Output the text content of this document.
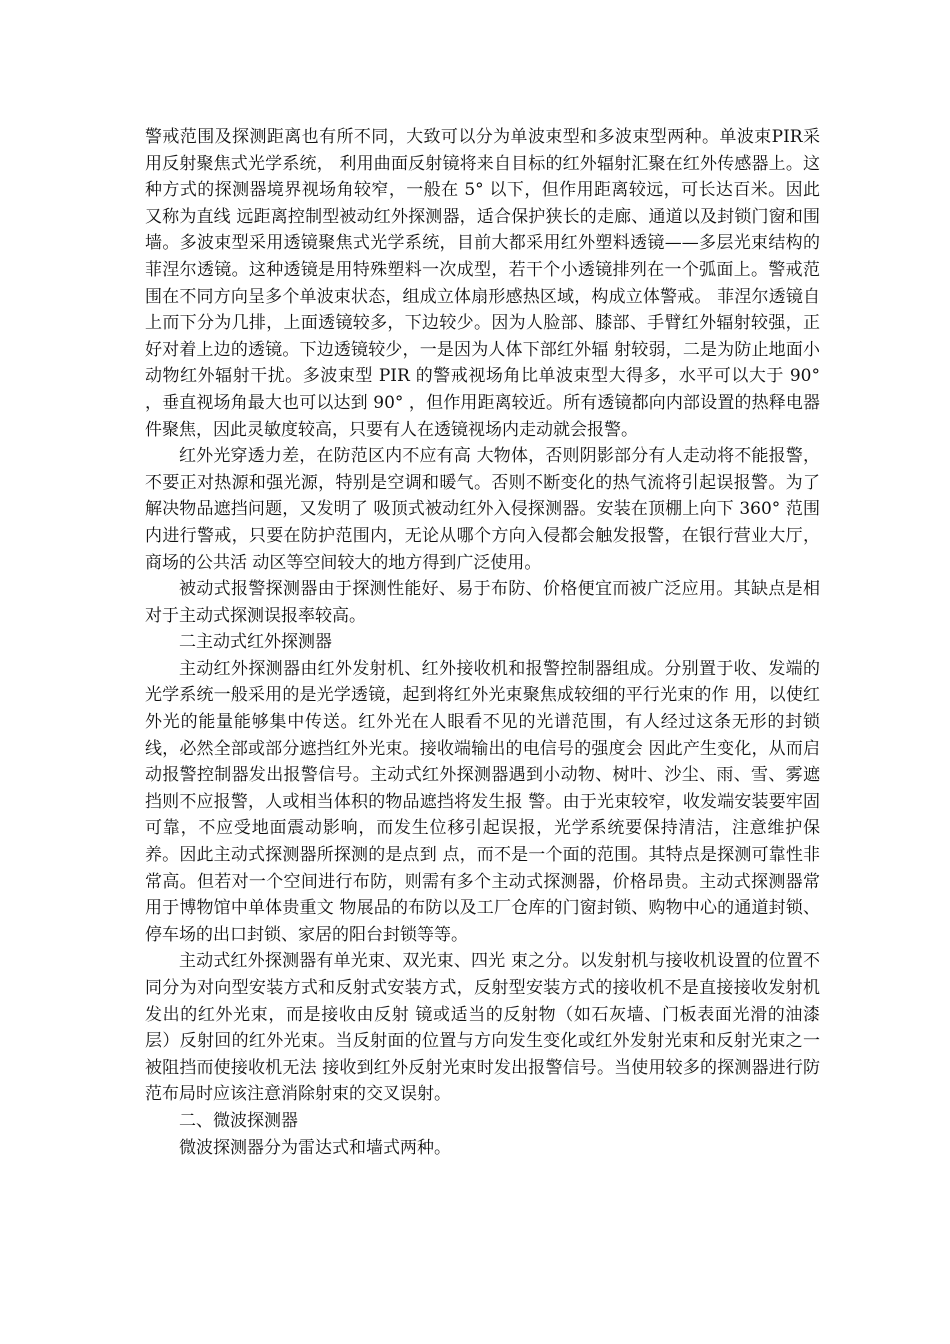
警戒范围及探测距离也有所不同，大致可以分为单波束型和多波束型两种。单波束PIR采用反射聚焦式光学系统， 利用曲面反射镜将来自目标的红外辐射汇聚在红外传感器上。这种方式的探测器境界视场角较窄，一般在 5° 以下，但作用距离较远，可长达百米。因此又称为直线 远距离控制型被动红外探测器，适合保护狭长的走廊、通道以及封锁门窗和围墙。多波束型采用透镜聚焦式光学系统，目前大都采用红外塑料透镜——多层光束结构的 菲涅尔透镜。这种透镜是用特殊塑料一次成型，若干个小透镜排列在一个弧面上。警戒范围在不同方向呈多个单波束状态，组成立体扇形感热区域，构成立体警戒。 菲涅尔透镜自上而下分为几排，上面透镜较多，下边较少。因为人脸部、膝部、手臂红外辐射较强，正好对着上边的透镜。下边透镜较少，一是因为人体下部红外辐 射较弱，二是为防止地面小动物红外辐射干扰。多波束型 PIR 的警戒视场角比单波束型大得多，水平可以大于 90° ，垂直视场角最大也可以达到 90° ，但作用距离较近。所有透镜都向内部设置的热释电器件聚焦，因此灵敏度较高，只要有人在透镜视场内走动就会报警。

红外光穿透力差，在防范区内不应有高 大物体，否则阴影部分有人走动将不能报警，不要正对热源和强光源，特别是空调和暖气。否则不断变化的热气流将引起误报警。为了解决物品遮挡问题，又发明了 吸顶式被动红外入侵探测器。安装在顶棚上向下 360° 范围内进行警戒，只要在防护范围内，无论从哪个方向入侵都会触发报警，在银行营业大厅，商场的公共活 动区等空间较大的地方得到广泛使用。

被动式报警探测器由于探测性能好、易于布防、价格便宜而被广泛应用。其缺点是相对于主动式探测误报率较高。

二主动式红外探测器

主动红外探测器由红外发射机、红外接收机和报警控制器组成。分别置于收、发端的光学系统一般采用的是光学透镜，起到将红外光束聚焦成较细的平行光束的作 用，以使红外光的能量能够集中传送。红外光在人眼看不见的光谱范围，有人经过这条无形的封锁线，必然全部或部分遮挡红外光束。接收端输出的电信号的强度会 因此产生变化，从而启动报警控制器发出报警信号。主动式红外探测器遇到小动物、树叶、沙尘、雨、雪、雾遮挡则不应报警，人或相当体积的物品遮挡将发生报 警。由于光束较窄，收发端安装要牢固可靠，不应受地面震动影响，而发生位移引起误报，光学系统要保持清洁，注意维护保养。因此主动式探测器所探测的是点到 点，而不是一个面的范围。其特点是探测可靠性非常高。但若对一个空间进行布防，则需有多个主动式探测器，价格昂贵。主动式探测器常用于博物馆中单体贵重文 物展品的布防以及工厂仓库的门窗封锁、购物中心的通道封锁、停车场的出口封锁、家居的阳台封锁等等。

主动式红外探测器有单光束、双光束、四光 束之分。以发射机与接收机设置的位置不同分为对向型安装方式和反射式安装方式，反射型安装方式的接收机不是直接接收发射机发出的红外光束，而是接收由反射 镜或适当的反射物（如石灰墙、门板表面光滑的油漆层）反射回的红外光束。当反射面的位置与方向发生变化或红外发射光束和反射光束之一被阻挡而使接收机无法 接收到红外反射光束时发出报警信号。当使用较多的探测器进行防范布局时应该注意消除射束的交叉误射。

二、微波探测器

微波探测器分为雷达式和墙式两种。
